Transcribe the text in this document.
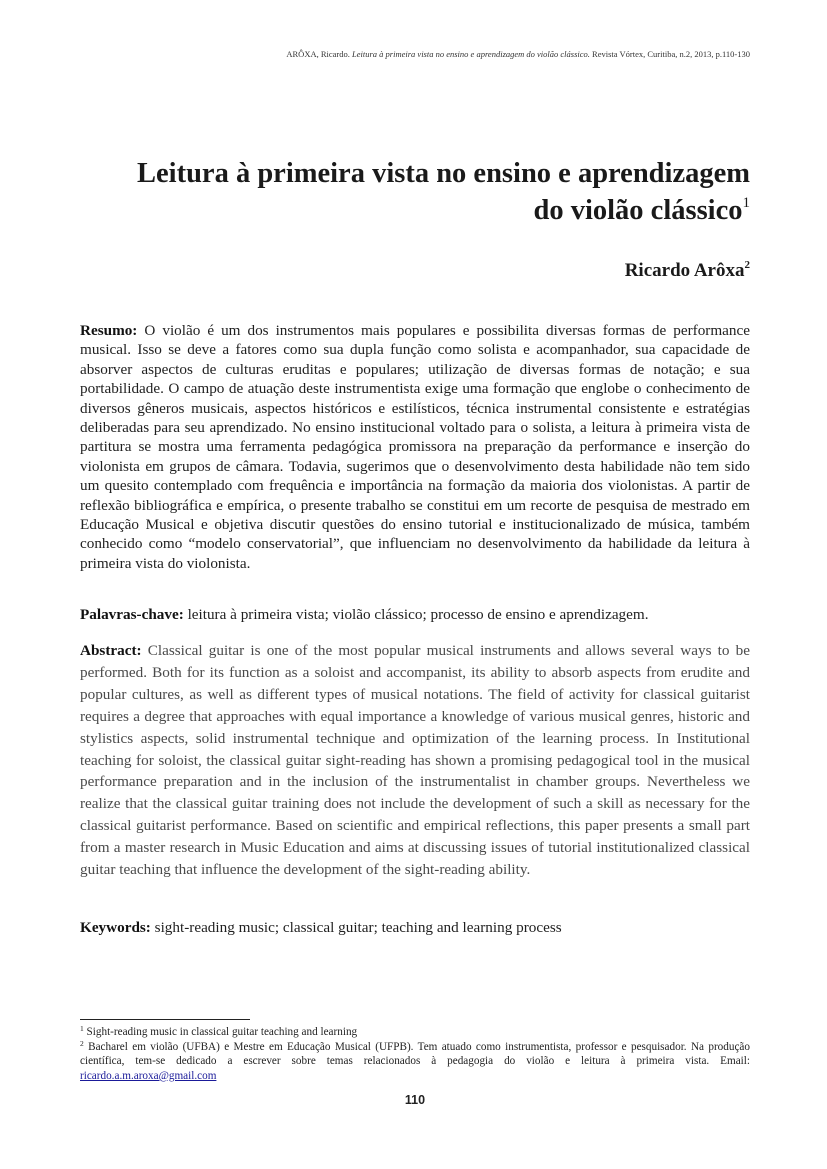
ARÔXA, Ricardo. Leitura à primeira vista no ensino e aprendizagem do violão clássico. Revista Vórtex, Curitiba, n.2, 2013, p.110-130
Leitura à primeira vista no ensino e aprendizagem
do violão clássico$^1$

Ricardo Arôxa$^2$

Resumo: O violão é um dos instrumentos mais populares e possibilita diversas formas de performance musical. Isso se deve a fatores como sua dupla função como solista e acompanhador, sua capacidade de absorver aspectos de culturas eruditas e populares; utilização de diversas formas de notação; e sua portabilidade. O campo de atuação deste instrumentista exige uma formação que englobe o conhecimento de diversos gêneros musicais, aspectos históricos e estilísticos, técnica instrumental consistente e estratégias deliberadas para seu aprendizado. No ensino institucional voltado para o solista, a leitura à primeira vista de partitura se mostra uma ferramenta pedagógica promissora na preparação da performance e inserção do violonista em grupos de câmara. Todavia, sugerimos que o desenvolvimento desta habilidade não tem sido um quesito contemplado com frequência e importância na formação da maioria dos violonistas. A partir de reflexão bibliográfica e empírica, o presente trabalho se constitui em um recorte de pesquisa de mestrado em Educação Musical e objetiva discutir questões do ensino tutorial e institucionalizado de música, também conhecido como “modelo conservatorial”, que influenciam no desenvolvimento da habilidade da leitura à primeira vista do violonista.

Palavras-chave: leitura à primeira vista; violão clássico; processo de ensino e aprendizagem.

Abstract: Classical guitar is one of the most popular musical instruments and allows several ways to be performed. Both for its function as a soloist and accompanist, its ability to absorb aspects from erudite and popular cultures, as well as different types of musical notations. The field of activity for classical guitarist requires a degree that approaches with equal importance a knowledge of various musical genres, historic and stylistics aspects, solid instrumental technique and optimization of the learning process. In Institutional teaching for soloist, the classical guitar sight-reading has shown a promising pedagogical tool in the musical performance preparation and in the inclusion of the instrumentalist in chamber groups. Nevertheless we realize that the classical guitar training does not include the development of such a skill as necessary for the classical guitarist performance. Based on scientific and empirical reflections, this paper presents a small part from a master research in Music Education and aims at discussing issues of tutorial institutionalized classical guitar teaching that influence the development of the sight-reading ability.

Keywords: sight-reading music; classical guitar; teaching and learning process

$^1$ Sight-reading music in classical guitar teaching and learning

$^2$ Bacharel em violão (UFBA) e Mestre em Educação Musical (UFPB). Tem atuado como instrumentista, professor e pesquisador. Na produção científica, tem-se dedicado a escrever sobre temas relacionados à pedagogia do violão e leitura à primeira vista. Email: ricardo.a.m.aroxa@gmail.com

110
